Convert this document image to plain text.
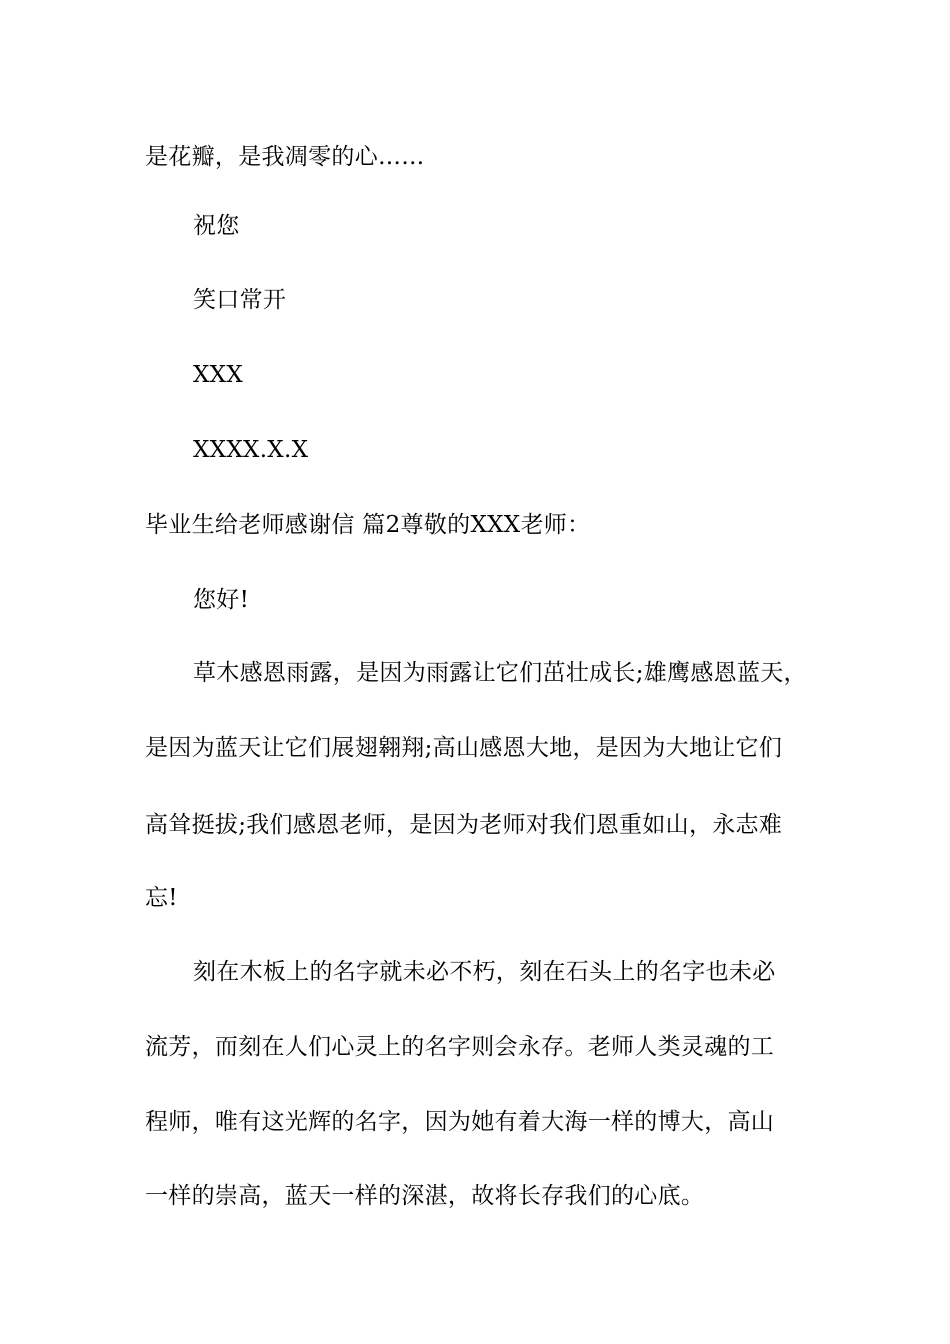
是花瓣，是我凋零的心……
祝您
笑口常开
XXX
XXXX.X.X
毕业生给老师感谢信 篇2尊敬的XXX老师：
您好!
草木感恩雨露，是因为雨露让它们茁壮成长;雄鹰感恩蓝天，
是因为蓝天让它们展翅翱翔;高山感恩大地，是因为大地让它们
高耸挺拔;我们感恩老师，是因为老师对我们恩重如山，永志难
忘!
刻在木板上的名字就未必不朽，刻在石头上的名字也未必
流芳，而刻在人们心灵上的名字则会永存。老师人类灵魂的工
程师，唯有这光辉的名字，因为她有着大海一样的博大，高山
一样的崇高，蓝天一样的深湛，故将长存我们的心底。
